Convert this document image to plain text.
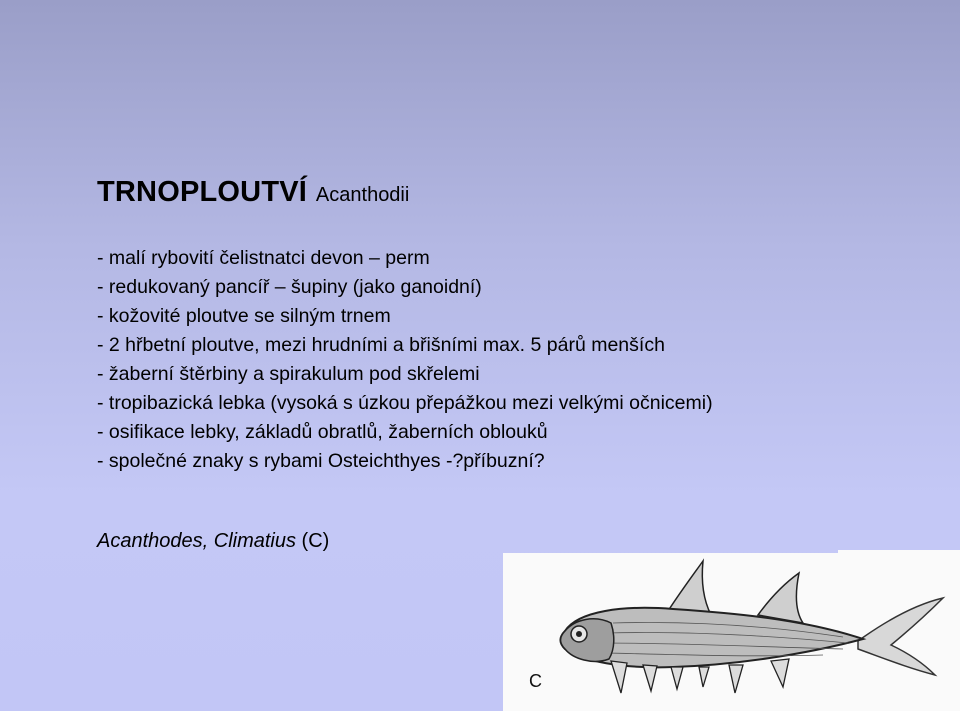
TRNOPLOUTVÍ Acanthodii
- malí rybovití čelistnatci devon – perm
- redukovaný pancíř – šupiny (jako ganoidní)
- kožovité ploutve se silným trnem
- 2 hřbetní ploutve, mezi hrudními a břišními max. 5 párů menších
- žaberní štěrbiny a spirakulum pod skřelemi
- tropibazická lebka (vysoká s úzkou přepážkou mezi velkými očnicemi)
- osifikace lebky, základů obratlů, žaberních oblouků
- společné znaky s rybami Osteichthyes -?příbuzní?

Acanthodes, Climatius (C)

C
